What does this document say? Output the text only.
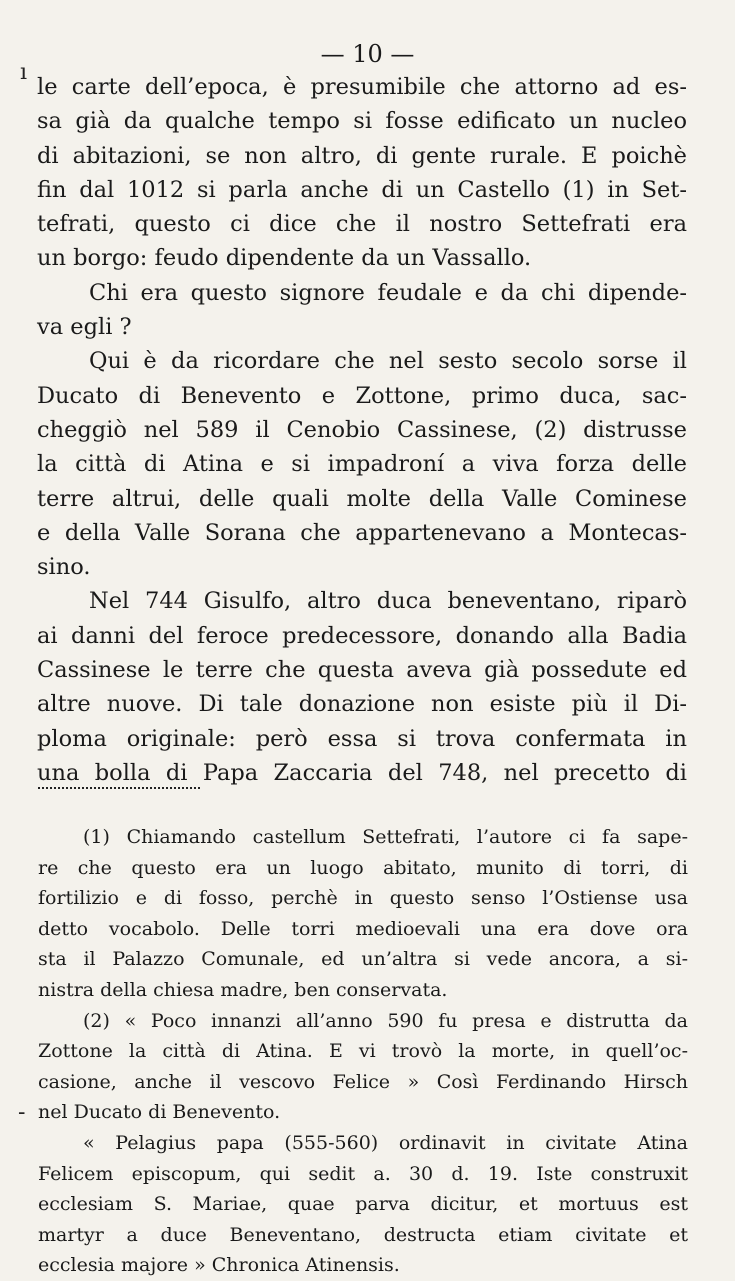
— 10 —
ı
-
le carte dell’epoca, è presumibile che attorno ad es-
sa già da qualche tempo si fosse edificato un nucleo
di abitazioni, se non altro, di gente rurale. E poichè
fin dal 1012 si parla anche di un Castello (1) in Set-
tefrati, questo ci dice che il nostro Settefrati era
un borgo: feudo dipendente da un Vassallo.
Chi era questo signore feudale e da chi dipende-
va egli ?
Qui è da ricordare che nel sesto secolo sorse il
Ducato di Benevento e Zottone, primo duca, sac-
cheggiò nel 589 il Cenobio Cassinese, (2) distrusse
la città di Atina e si impadroní a viva forza delle
terre altrui, delle quali molte della Valle Cominese
e della Valle Sorana che appartenevano a Montecas-
sino.
Nel 744 Gisulfo, altro duca beneventano, riparò
ai danni del feroce predecessore, donando alla Badia
Cassinese le terre che questa aveva già possedute ed
altre nuove. Di tale donazione non esiste più il Di-
ploma originale: però essa si trova confermata in
una bolla di Papa Zaccaria del 748, nel precetto di
(1) Chiamando castellum Settefrati, l’autore ci fa sape-
re che questo era un luogo abitato, munito di torri, di
fortilizio e di fosso, perchè in questo senso l’Ostiense usa
detto vocabolo. Delle torri medioevali una era dove ora
sta il Palazzo Comunale, ed un’altra si vede ancora, a si-
nistra della chiesa madre, ben conservata.
(2) « Poco innanzi all’anno 590 fu presa e distrutta da
Zottone la città di Atina. E vi trovò la morte, in quell’oc-
casione, anche il vescovo Felice » Così Ferdinando Hirsch
nel Ducato di Benevento.
« Pelagius papa (555-560) ordinavit in civitate Atina
Felicem episcopum, qui sedit a. 30 d. 19. Iste construxit
ecclesiam S. Mariae, quae parva dicitur, et mortuus est
martyr a duce Beneventano, destructa etiam civitate et
ecclesia majore » Chronica Atinensis.
